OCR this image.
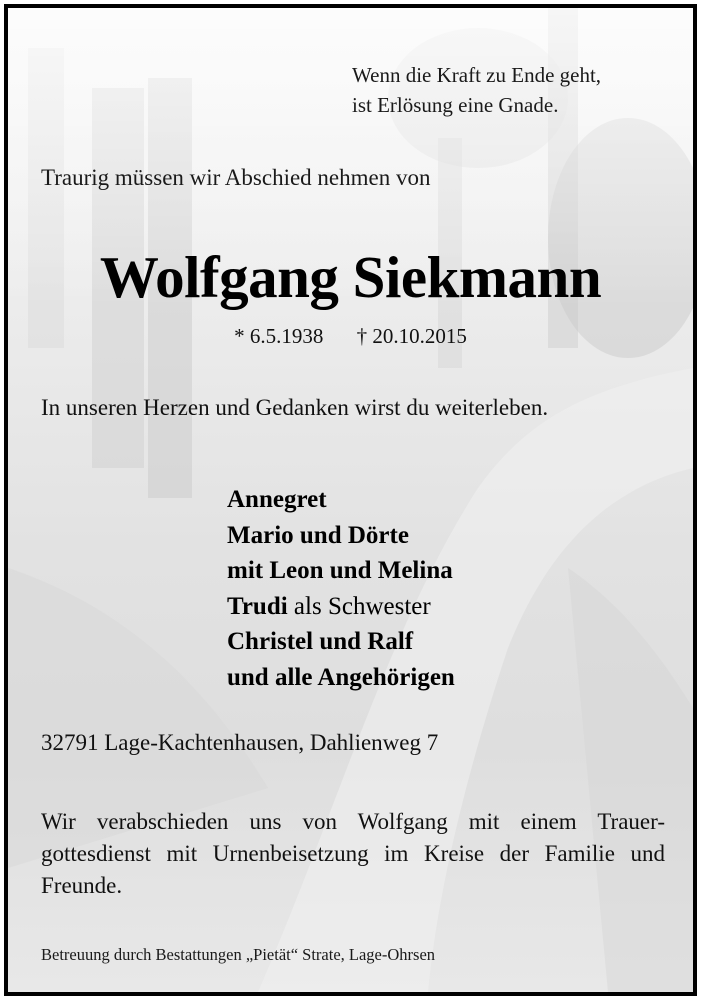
Wenn die Kraft zu Ende geht,
ist Erlösung eine Gnade.
Traurig müssen wir Abschied nehmen von
Wolfgang Siekmann
* 6.5.1938 † 20.10.2015
In unseren Herzen und Gedanken wirst du weiterleben.
Annegret
Mario und Dörte
mit Leon und Melina
Trudi als Schwester
Christel und Ralf
und alle Angehörigen
32791 Lage-Kachtenhausen, Dahlienweg 7
Wir verabschieden uns von Wolfgang mit einem Trauer-gottesdienst mit Urnenbeisetzung im Kreise der Familie und Freunde.
Betreuung durch Bestattungen „Pietät“ Strate, Lage-Ohrsen
